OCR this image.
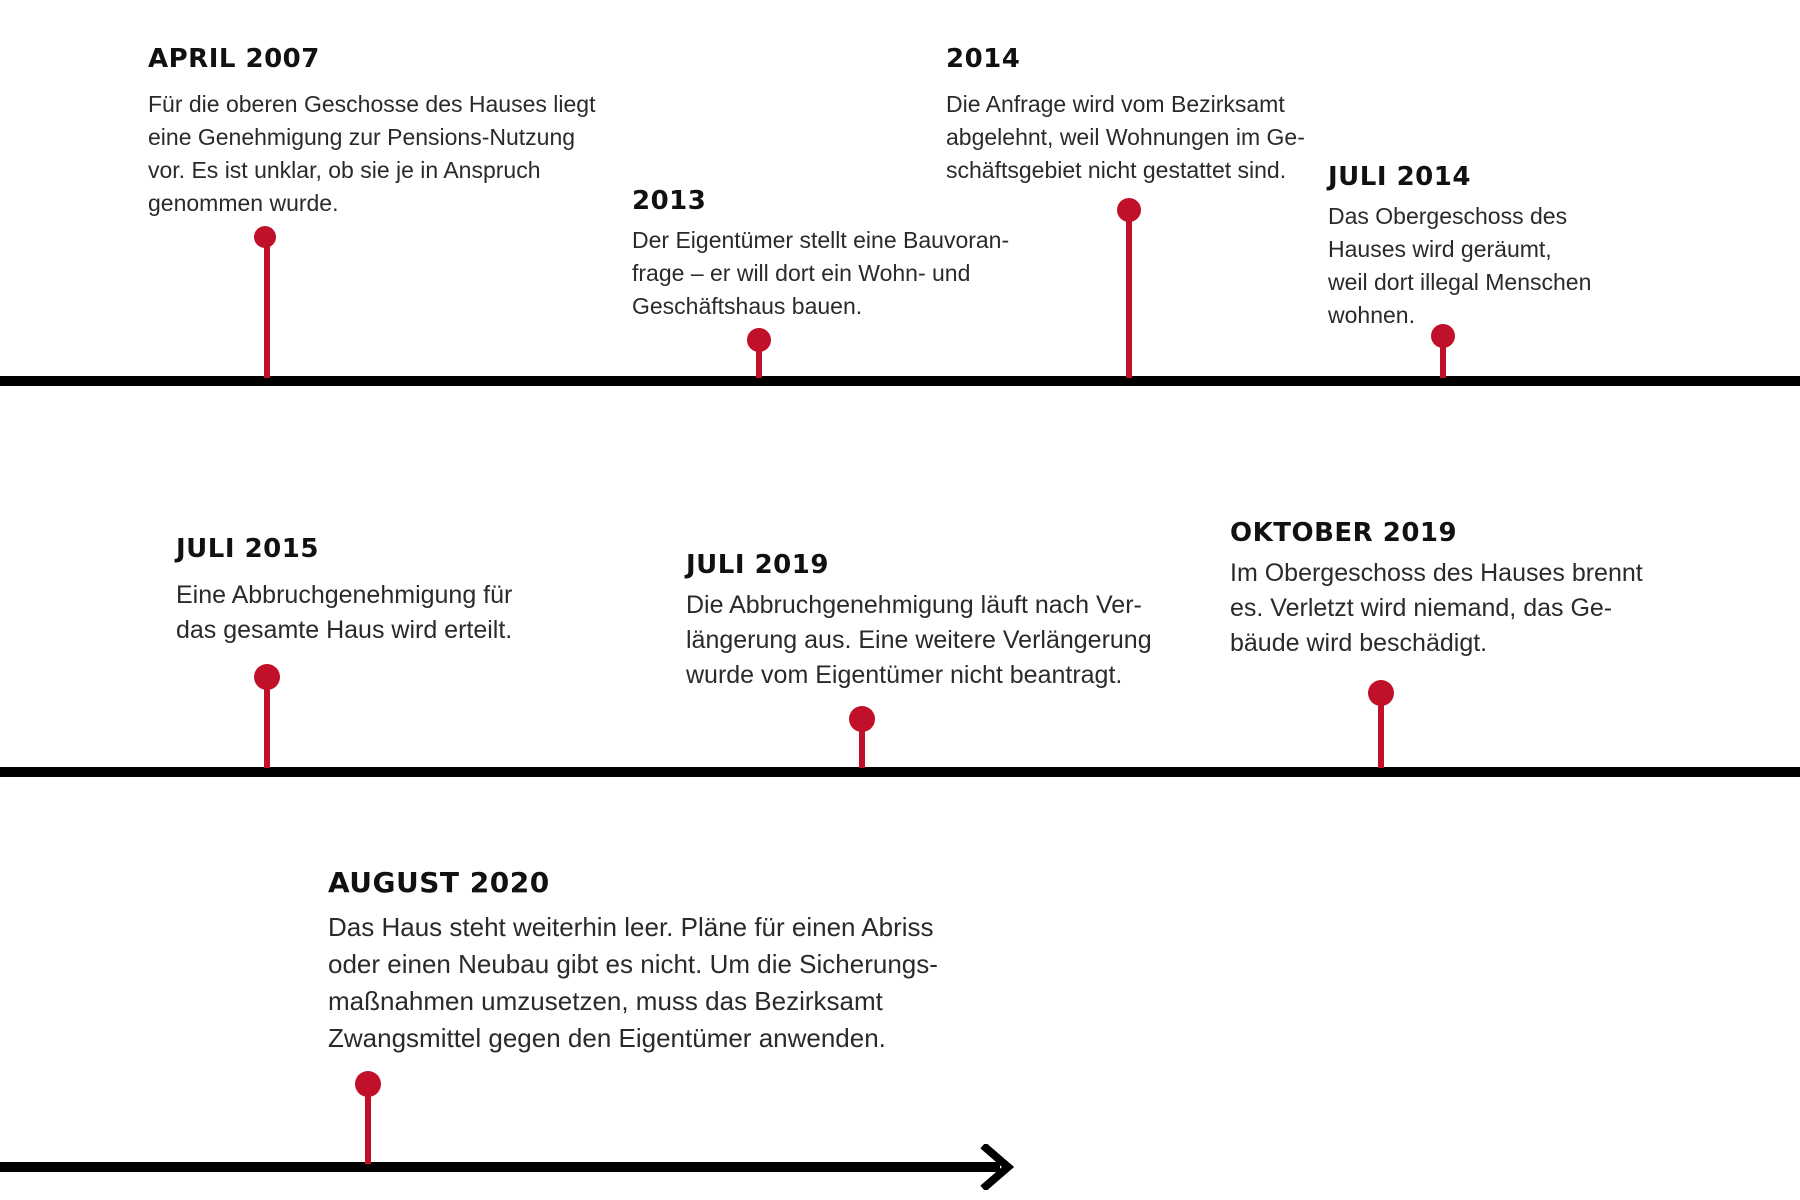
APRIL 2007

Für die oberen Geschosse des Hauses liegt
eine Genehmigung zur Pensions-Nutzung
vor. Es ist unklar, ob sie je in Anspruch
genommen wurde.	2013

Der Eigentümer stellt eine Bauvoran-
frage – er will dort ein Wohn- und
Geschäftshaus bauen.

2014

Die Anfrage wird vom Bezirksamt
abgelehnt, weil Wohnungen im Ge-
schäftsgebiet nicht gestattet sind.	JULI 2014

Das Obergeschoss des
Hauses wird geräumt,
weil dort illegal Menschen
wohnen.

JULI 2015

Eine Abbruchgenehmigung für
das gesamte Haus wird erteilt.

JULI 2019

Die Abbruchgenehmigung läuft nach Ver-
längerung aus. Eine weitere Verlängerung
wurde vom Eigentümer nicht beantragt.

OKTOBER 2019

Im Obergeschoss des Hauses brennt
es. Verletzt wird niemand, das Ge-
bäude wird beschädigt.

AUGUST 2020

Das Haus steht weiterhin leer. Pläne für einen Abriss
oder einen Neubau gibt es nicht. Um die Sicherungs-
maßnahmen umzusetzen, muss das Bezirksamt
Zwangsmittel gegen den Eigentümer anwenden.
